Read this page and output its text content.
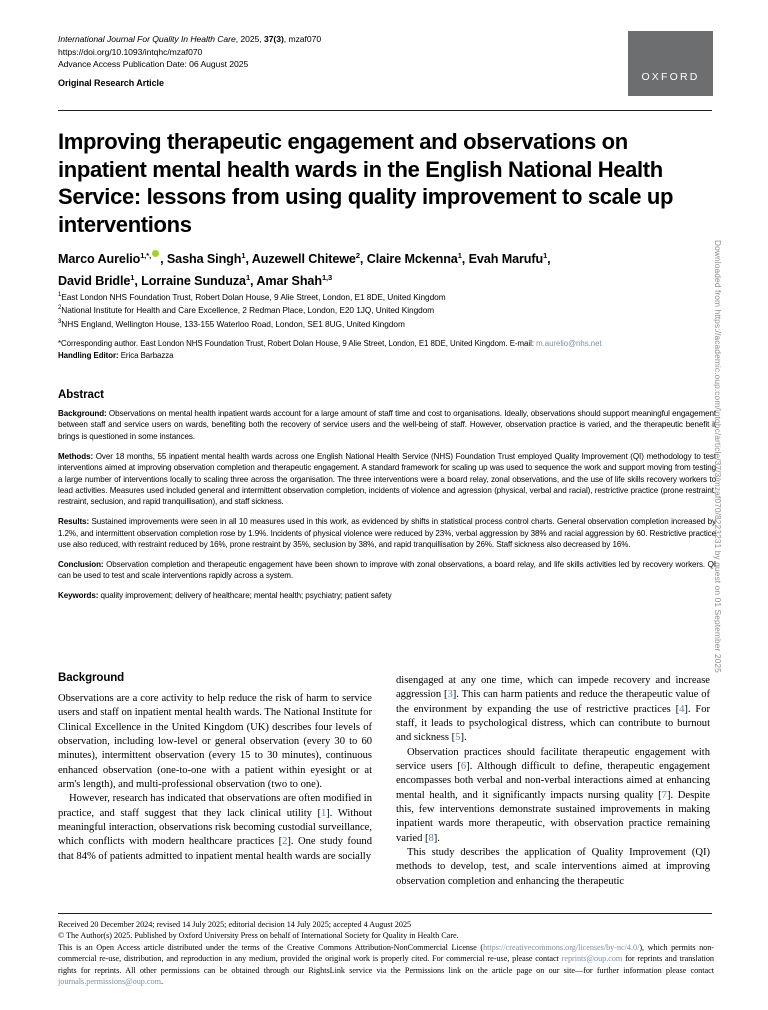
International Journal For Quality In Health Care, 2025, 37(3), mzaf070
https://doi.org/10.1093/intqhc/mzaf070
Advance Access Publication Date: 06 August 2025
Original Research Article	OXFORD
Improving therapeutic engagement and observations on inpatient mental health wards in the English National Health Service: lessons from using quality improvement to scale up interventions
Marco Aurelio$^{1,*,}$ , Sasha Singh$^1$, Auzewell Chitewe$^2$, Claire Mckenna$^1$, Evah Marufu$^1$,
David Bridle$^1$, Lorraine Sunduza$^1$, Amar Shah$^{1,3}$
$^1$East London NHS Foundation Trust, Robert Dolan House, 9 Alie Street, London, E1 8DE, United Kingdom
$^2$National Institute for Health and Care Excellence, 2 Redman Place, London, E20 1JQ, United Kingdom
$^3$NHS England, Wellington House, 133-155 Waterloo Road, London, SE1 8UG, United Kingdom
*Corresponding author. East London NHS Foundation Trust, Robert Dolan House, 9 Alie Street, London, E1 8DE, United Kingdom. E-mail: m.aurelio@nhs.net
Handling Editor: Erica Barbazza
Abstract

Background: Observations on mental health inpatient wards account for a large amount of staff time and cost to organisations. Ideally, observations should support meaningful engagement between staff and service users on wards, benefiting both the recovery of service users and the well-being of staff. However, observation practice is varied, and the therapeutic benefit it brings is questioned in some instances.

Methods: Over 18 months, 55 inpatient mental health wards across one English National Health Service (NHS) Foundation Trust employed Quality Improvement (QI) methodology to test interventions aimed at improving observation completion and therapeutic engagement. A standard framework for scaling up was used to sequence the work and support moving from testing a large number of interventions locally to scaling three across the organisation. The three interventions were a board relay, zonal observations, and the use of life skills recovery workers to lead activities. Measures used included general and intermittent observation completion, incidents of violence and agression (physical, verbal and racial), restrictive practice (prone restraint, restraint, seclusion, and rapid tranquillisation), and staff sickness.

Results: Sustained improvements were seen in all 10 measures used in this work, as evidenced by shifts in statistical process control charts. General observation completion increased by 1.2%, and intermittent observation completion rose by 1.9%. Incidents of physical violence were reduced by 23%, verbal aggression by 38% and racial aggression by 60. Restrictive practice use also reduced, with restraint reduced by 16%, prone restraint by 35%, seclusion by 38%, and rapid tranquillisation by 26%. Staff sickness also decreased by 16%.

Conclusion: Observation completion and therapeutic engagement have been shown to improve with zonal observations, a board relay, and life skills activities led by recovery workers. QI can be used to test and scale interventions rapidly across a system.

Keywords: quality improvement; delivery of healthcare; mental health; psychiatry; patient safety

Background

Observations are a core activity to help reduce the risk of harm to service users and staff on inpatient mental health wards. The National Institute for Clinical Excellence in the United Kingdom (UK) describes four levels of observation, including low-level or general observation (every 30 to 60 minutes), intermittent observation (every 15 to 30 minutes), continuous enhanced observation (one-to-one with a patient within eyesight or at arm's length), and multi-professional observation (two to one).

However, research has indicated that observations are often modified in practice, and staff suggest that they lack clinical utility [1]. Without meaningful interaction, observations risk becoming custodial surveillance, which conflicts with modern healthcare practices [2]. One study found that 84% of patients admitted to inpatient mental health wards are socially

disengaged at any one time, which can impede recovery and increase aggression [3]. This can harm patients and reduce the therapeutic value of the environment by expanding the use of restrictive practices [4]. For staff, it leads to psychological distress, which can contribute to burnout and sickness [5].

Observation practices should facilitate therapeutic engagement with service users [6]. Although difficult to define, therapeutic engagement encompasses both verbal and non-verbal interactions aimed at enhancing mental health, and it significantly impacts nursing quality [7]. Despite this, few interventions demonstrate sustained improvements in making inpatient wards more therapeutic, with observation practice remaining varied [8].

This study describes the application of Quality Improvement (QI) methods to develop, test, and scale interventions aimed at improving observation completion and enhancing the therapeutic

Received 20 December 2024; revised 14 July 2025; editorial decision 14 July 2025; accepted 4 August 2025

© The Author(s) 2025. Published by Oxford University Press on behalf of International Society for Quality in Health Care.

This is an Open Access article distributed under the terms of the Creative Commons Attribution-NonCommercial License (https://creativecommons.org/licenses/by-nc/4.0/), which permits non-commercial re-use, distribution, and reproduction in any medium, provided the original work is properly cited. For commercial re-use, please contact reprints@oup.com for reprints and translation rights for reprints. All other permissions can be obtained through our RightsLink service via the Permissions link on the article page on our site—for further information please contact journals.permissions@oup.com.

Downloaded from https://academic.oup.com/intqhc/article/37/3/mzaf070/8223231 by guest on 01 September 2025
